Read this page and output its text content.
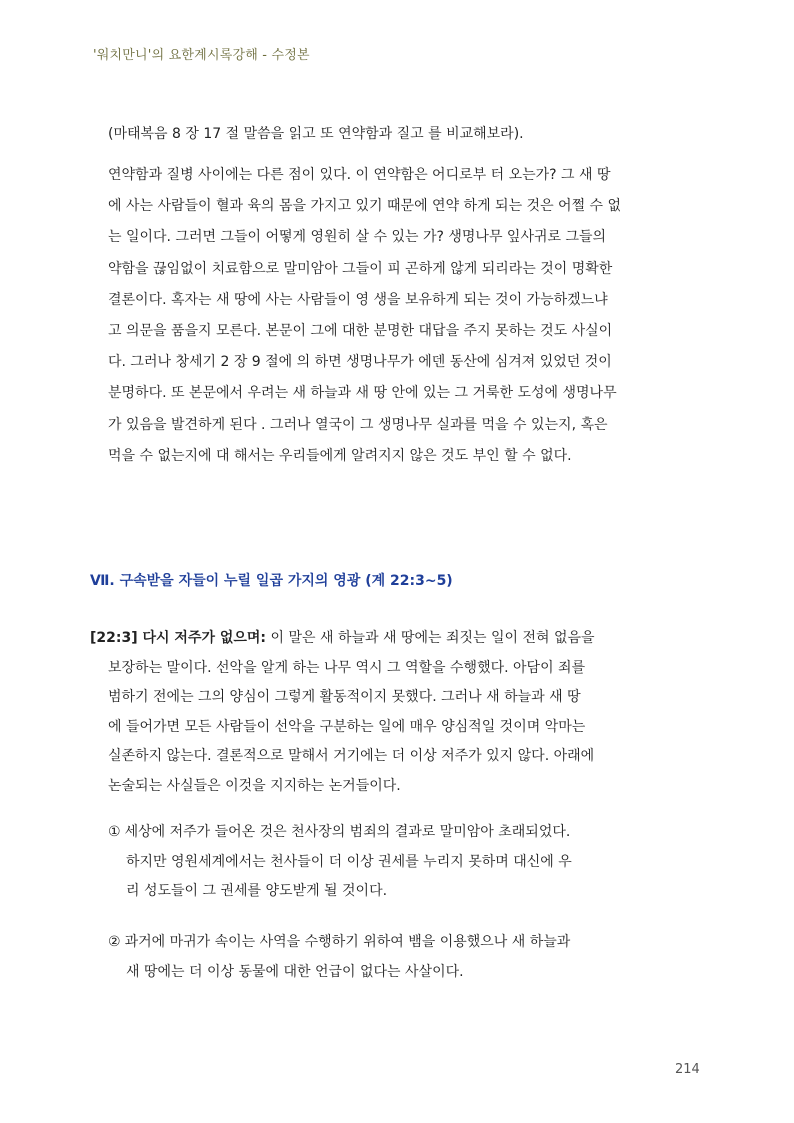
'워치만니'의 요한계시록강해 - 수정본
(마태복음 8 장 17 절 말씀을 읽고 또 연약함과 질고 를 비교해보라).
연약함과 질병 사이에는 다른 점이 있다. 이 연약함은 어디로부 터 오는가? 그 새 땅
에 사는 사람들이 혈과 육의 몸을 가지고 있기 때문에 연약 하게 되는 것은 어쩔 수 없
는 일이다. 그러면 그들이 어떻게 영원히 살 수 있는 가? 생명나무 잎사귀로 그들의
약함을 끊임없이 치료함으로 말미암아 그들이 피 곤하게 않게 되리라는 것이 명확한
결론이다. 혹자는 새 땅에 사는 사람들이 영 생을 보유하게 되는 것이 가능하겠느냐
고 의문을 품을지 모른다. 본문이 그에 대한 분명한 대답을 주지 못하는 것도 사실이
다. 그러나 창세기 2 장 9 절에 의 하면 생명나무가 에덴 동산에 심겨져 있었던 것이
분명하다. 또 본문에서 우려는 새 하늘과 새 땅 안에 있는 그 거룩한 도성에 생명나무
가 있음을 발견하게 된다 . 그러나 열국이 그 생명나무 실과를 먹을 수 있는지, 혹은
먹을 수 없는지에 대 해서는 우리들에게 알려지지 않은 것도 부인 할 수 없다.
Ⅶ. 구속받을 자들이 누릴 일곱 가지의 영광 (계 22:3~5)
[22:3] 다시 저주가 없으며: 이 말은 새 하늘과 새 땅에는 죄짓는 일이 전혀 없음을
보장하는 말이다. 선악을 알게 하는 나무 역시 그 역할을 수행했다. 아담이 죄를
범하기 전에는 그의 양심이 그렇게 활동적이지 못했다. 그러나 새 하늘과 새 땅
에 들어가면 모든 사람들이 선악을 구분하는 일에 매우 양심적일 것이며 악마는
실존하지 않는다. 결론적으로 말해서 거기에는 더 이상 저주가 있지 않다. 아래에
논술되는 사실들은 이것을 지지하는 논거들이다.
① 세상에 저주가 들어온 것은 천사장의 범죄의 결과로 말미암아 초래되었다.
하지만 영원세계에서는 천사들이 더 이상 권세를 누리지 못하며 대신에 우
리 성도들이 그 권세를 양도받게 될 것이다.
② 과거에 마귀가 속이는 사역을 수행하기 위하여 뱀을 이용했으나 새 하늘과
새 땅에는 더 이상 동물에 대한 언급이 없다는 사살이다.
214
